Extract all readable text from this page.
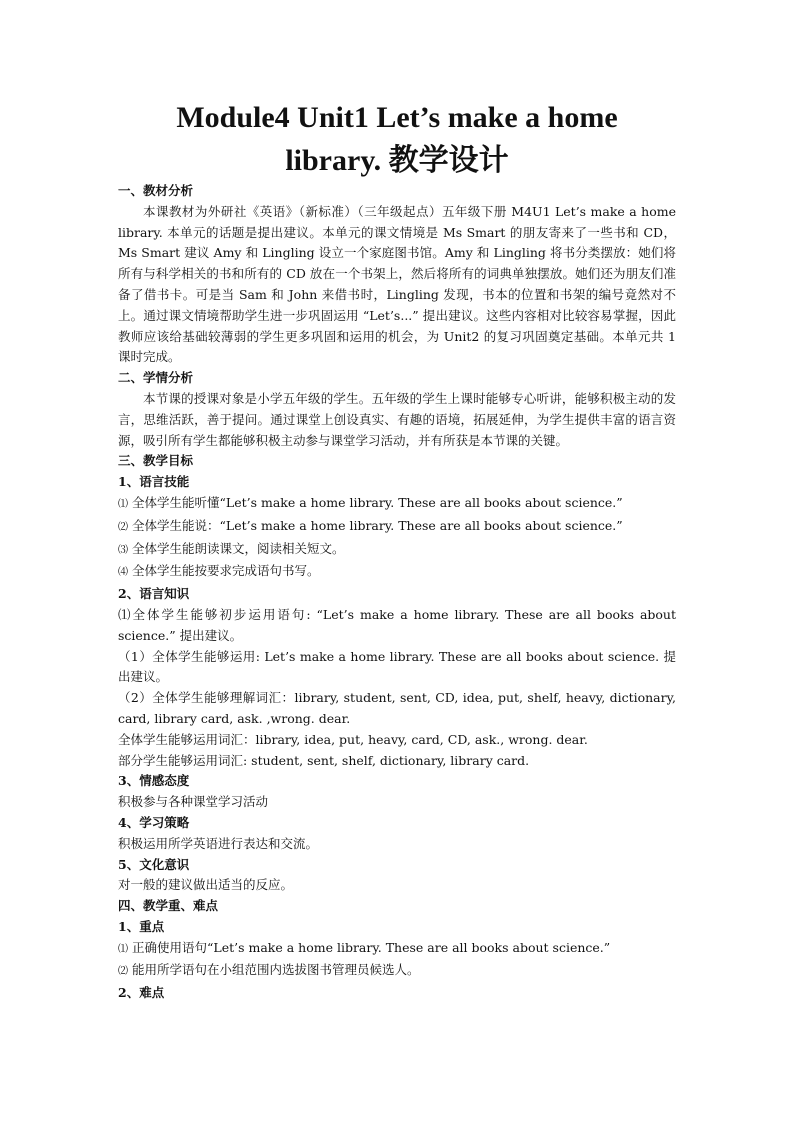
Module4 Unit1 Let’s make a home
library. 教学设计
一、教材分析

本课教材为外研社《英语》（新标准）（三年级起点）五年级下册 M4U1 Let’s make a home library. 本单元的话题是提出建议。本单元的课文情境是 Ms Smart 的朋友寄来了一些书和 CD，Ms Smart 建议 Amy 和 Lingling 设立一个家庭图书馆。Amy 和 Lingling 将书分类摆放：她们将所有与科学相关的书和所有的 CD 放在一个书架上，然后将所有的词典单独摆放。她们还为朋友们准备了借书卡。可是当 Sam 和 John 来借书时，Lingling 发现，书本的位置和书架的编号竟然对不上。通过课文情境帮助学生进一步巩固运用 “Let’s...” 提出建议。这些内容相对比较容易掌握，因此教师应该给基础较薄弱的学生更多巩固和运用的机会，为 Unit2 的复习巩固奠定基础。本单元共 1 课时完成。

二、学情分析

本节课的授课对象是小学五年级的学生。五年级的学生上课时能够专心听讲，能够积极主动的发言，思维活跃，善于提问。通过课堂上创设真实、有趣的语境，拓展延伸，为学生提供丰富的语言资源，吸引所有学生都能够积极主动参与课堂学习活动，并有所获是本节课的关键。

三、教学目标
1、语言技能
⑴ 全体学生能听懂“Let’s make a home library. These are all books about science.”
⑵ 全体学生能说：“Let’s make a home library. These are all books about science.”
⑶ 全体学生能朗读课文，阅读相关短文。
⑷ 全体学生能按要求完成语句书写。
2、语言知识
⑴全体学生能够初步运用语句: “Let’s make a home library. These are all books about science.” 提出建议。
（1）全体学生能够运用: Let’s make a home library. These are all books about science. 提出建议。
（2）全体学生能够理解词汇：library, student, sent, CD, idea, put, shelf, heavy, dictionary, card, library card, ask. ,wrong. dear.
全体学生能够运用词汇：library, idea, put, heavy, card, CD, ask., wrong. dear.
部分学生能够运用词汇: student, sent, shelf, dictionary, library card.
3、情感态度
积极参与各种课堂学习活动
4、学习策略
积极运用所学英语进行表达和交流。
5、文化意识
对一般的建议做出适当的反应。
四、教学重、难点
1、重点
⑴ 正确使用语句“Let’s make a home library. These are all books about science.”
⑵ 能用所学语句在小组范围内选拔图书管理员候选人。
2、难点
